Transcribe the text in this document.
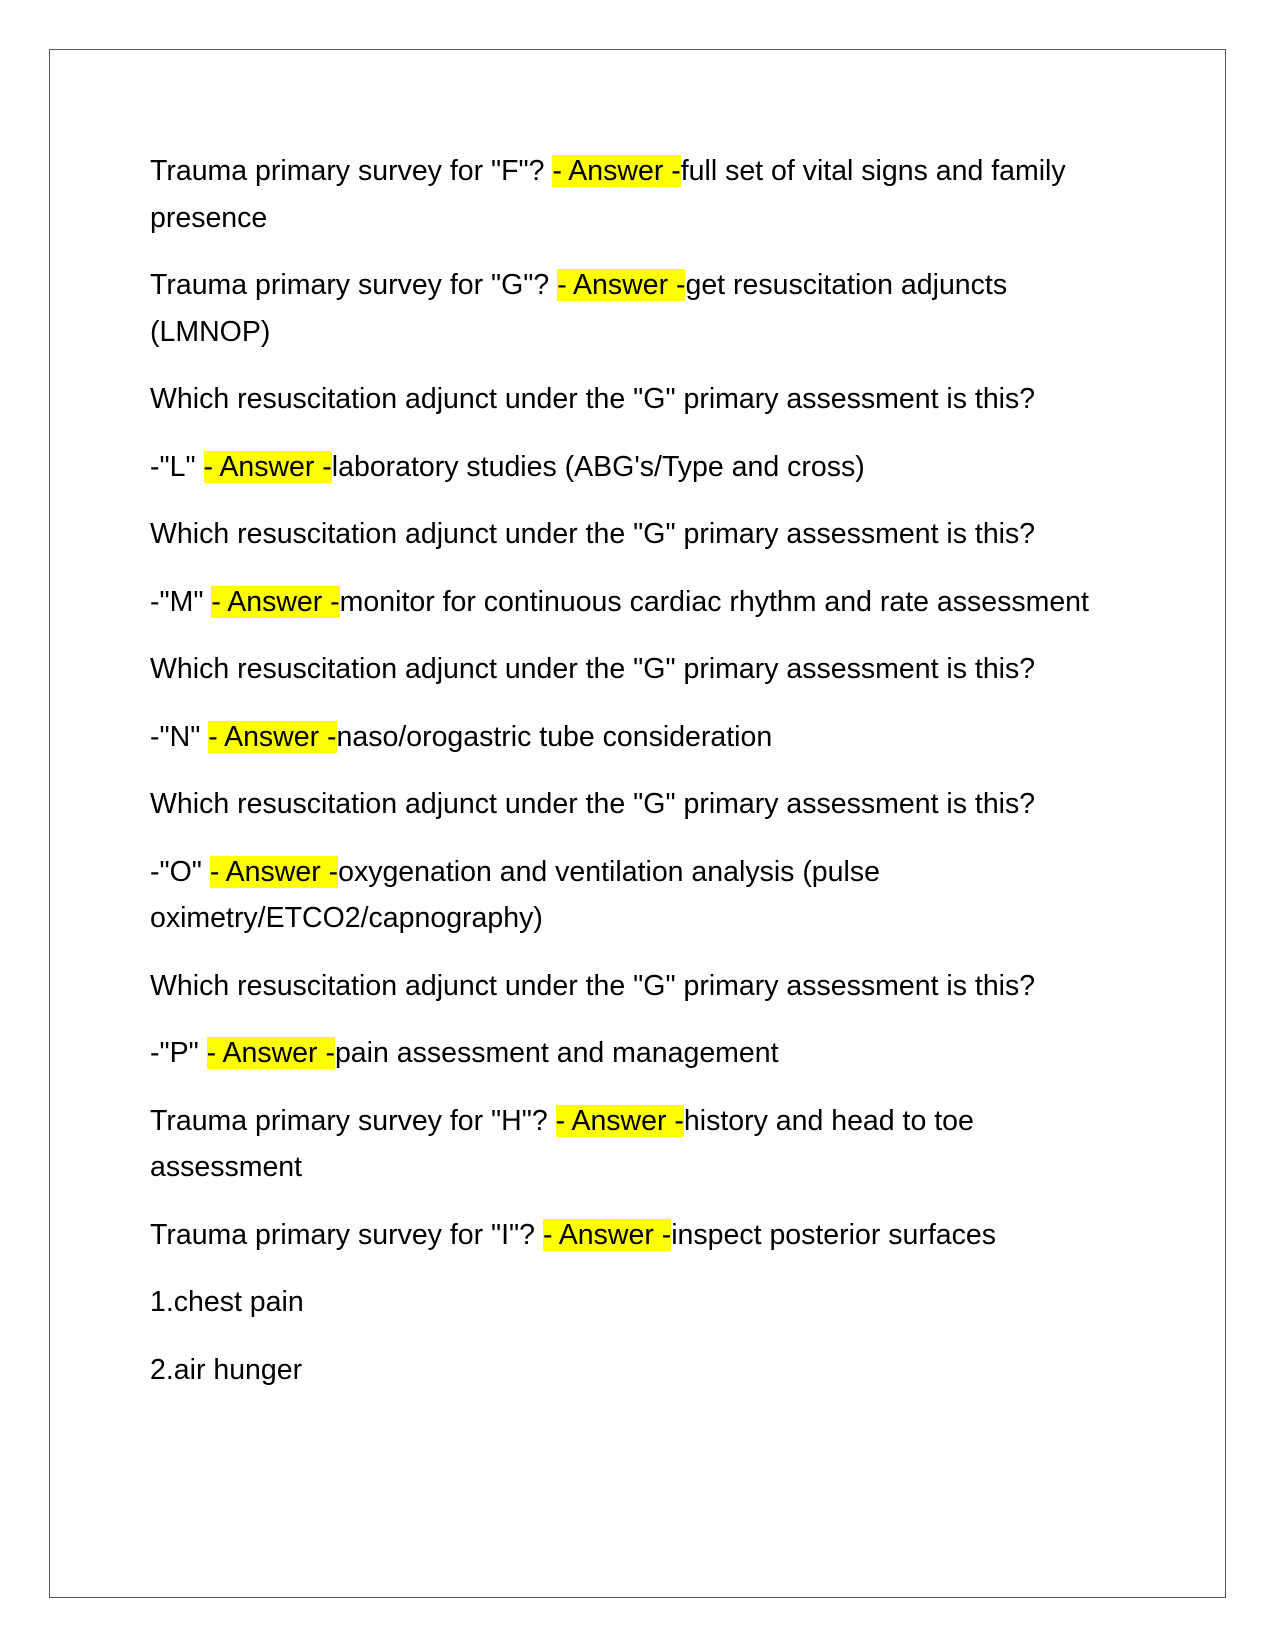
Trauma primary survey for "F"? - Answer -full set of vital signs and family presence

Trauma primary survey for "G"? - Answer -get resuscitation adjuncts (LMNOP)

Which resuscitation adjunct under the "G" primary assessment is this?

-"L" - Answer -laboratory studies (ABG's/Type and cross)

Which resuscitation adjunct under the "G" primary assessment is this?

-"M" - Answer -monitor for continuous cardiac rhythm and rate assessment

Which resuscitation adjunct under the "G" primary assessment is this?

-"N" - Answer -naso/orogastric tube consideration

Which resuscitation adjunct under the "G" primary assessment is this?

-"O" - Answer -oxygenation and ventilation analysis (pulse oximetry/ETCO2/capnography)

Which resuscitation adjunct under the "G" primary assessment is this?

-"P" - Answer -pain assessment and management

Trauma primary survey for "H"? - Answer -history and head to toe assessment

Trauma primary survey for "I"? - Answer -inspect posterior surfaces

1.chest pain

2.air hunger
